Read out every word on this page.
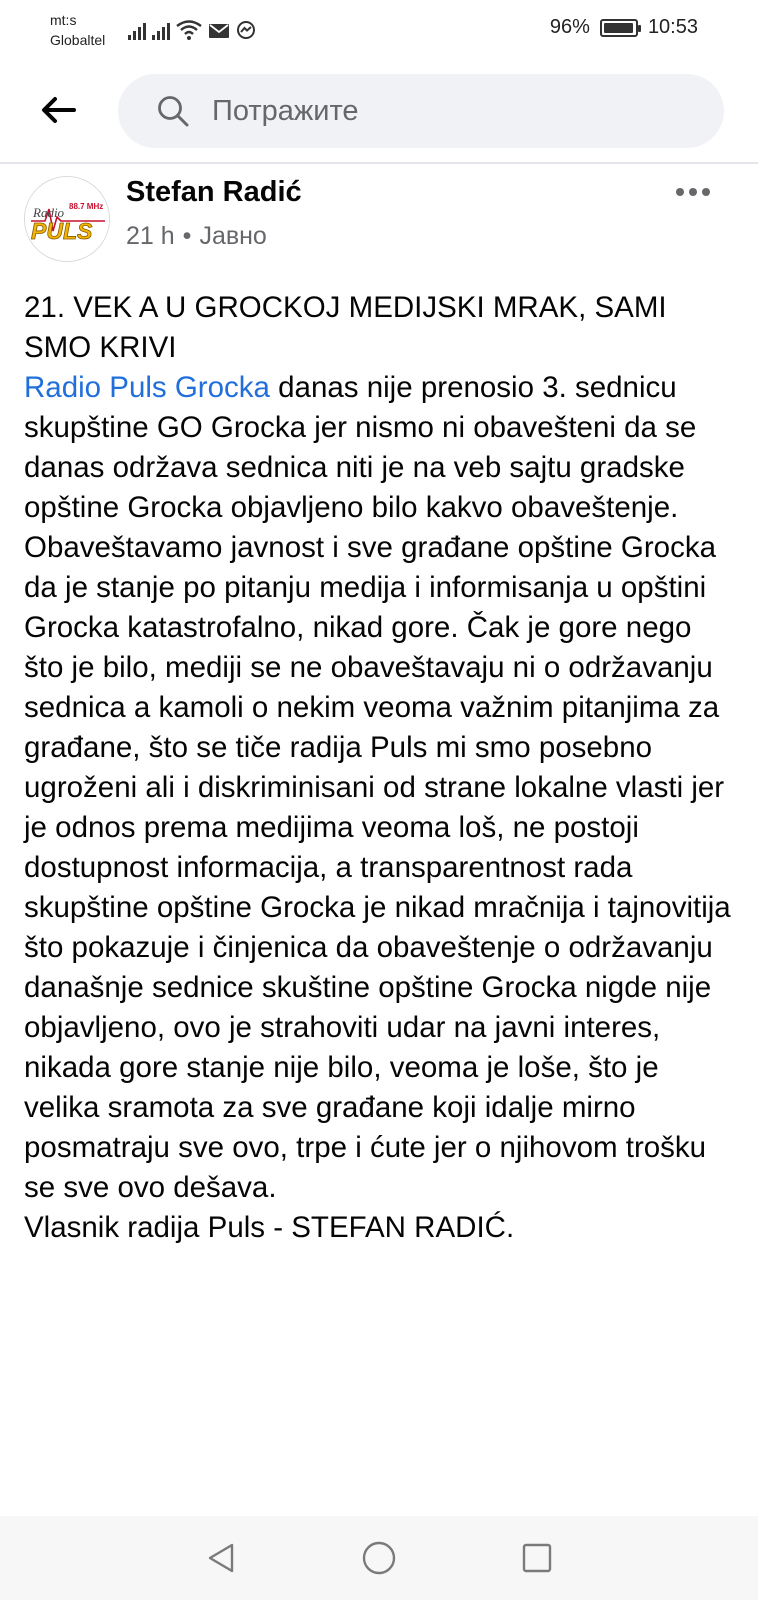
mt:s
Globaltel
96%	10:53
Потражите
Radio 88.7 MHz
PULS
Stefan Radić
21 h • Јавно

21. VEK A U GROCKOJ MEDIJSKI MRAK, SAMI SMO KRIVI

Radio Puls Grocka danas nije prenosio 3. sednicu skupštine GO Grocka jer nismo ni obavešteni da se danas održava sednica niti je na veb sajtu gradske opštine Grocka objavljeno bilo kakvo obaveštenje.

Obaveštavamo javnost i sve građane opštine Grocka da je stanje po pitanju medija i informisanja u opštini Grocka katastrofalno, nikad gore. Čak je gore nego što je bilo, mediji se ne obaveštavaju ni o održavanju sednica a kamoli o nekim veoma važnim pitanjima za građane, što se tiče radija Puls mi smo posebno ugroženi ali i diskriminisani od strane lokalne vlasti jer je odnos prema medijima veoma loš, ne postoji dostupnost informacija, a transparentnost rada skupštine opštine Grocka je nikad mračnija i tajnovitija što pokazuje i činjenica da obaveštenje o održavanju današnje sednice skuštine opštine Grocka nigde nije objavljeno, ovo je strahoviti udar na javni interes, nikada gore stanje nije bilo, veoma je loše, što je velika sramota za sve građane koji idalje mirno posmatraju sve ovo, trpe i ćute jer o njihovom trošku se sve ovo dešava.

Vlasnik radija Puls - STEFAN RADIĆ.
